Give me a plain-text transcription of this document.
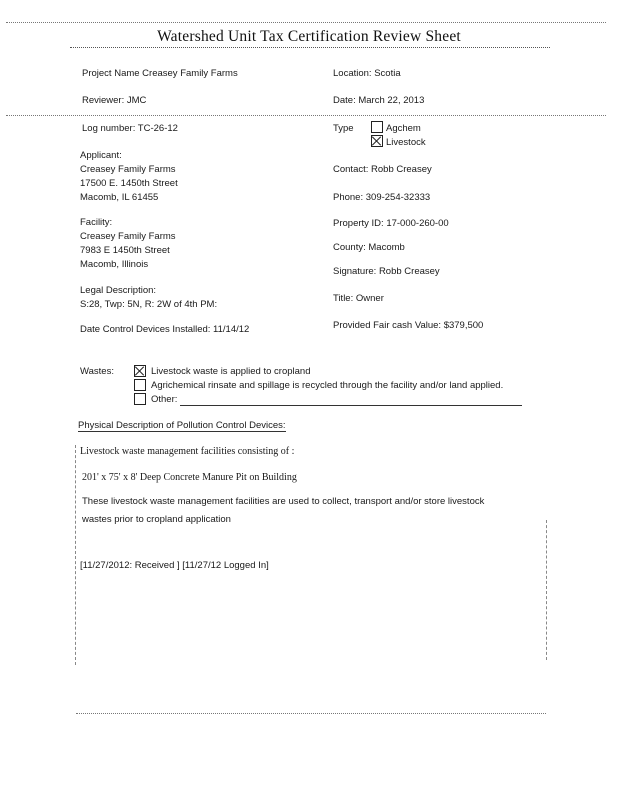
Watershed Unit Tax Certification Review Sheet
Project Name Creasey Family Farms	Location: Scotia
Reviewer: JMC	Date: March 22, 2013
Log number: TC-26-12	Type	Agchem
Livestock
Applicant:
Creasey Family Farms
17500 E. 1450th Street
Macomb, IL 61455
Contact: Robb Creasey
Phone: 309-254-32333
Facility:
Creasey Family Farms
7983 E 1450th Street
Macomb, Illinois
Property ID: 17-000-260-00
County: Macomb
Signature: Robb Creasey
Legal Description:
S:28, Twp: 5N, R: 2W of 4th PM:
Title: Owner
Date Control Devices Installed: 11/14/12	Provided Fair cash Value: $379,500
Wastes:	Livestock waste is applied to cropland
Agrichemical rinsate and spillage is recycled through the facility and/or land applied.
Other:
Physical Description of Pollution Control Devices:
Livestock waste management facilities consisting of :
201' x 75' x 8' Deep Concrete Manure Pit on Building
These livestock waste management facilities are used to collect, transport and/or store livestock
wastes prior to cropland application
[11/27/2012: Received ] [11/27/12 Logged In]
